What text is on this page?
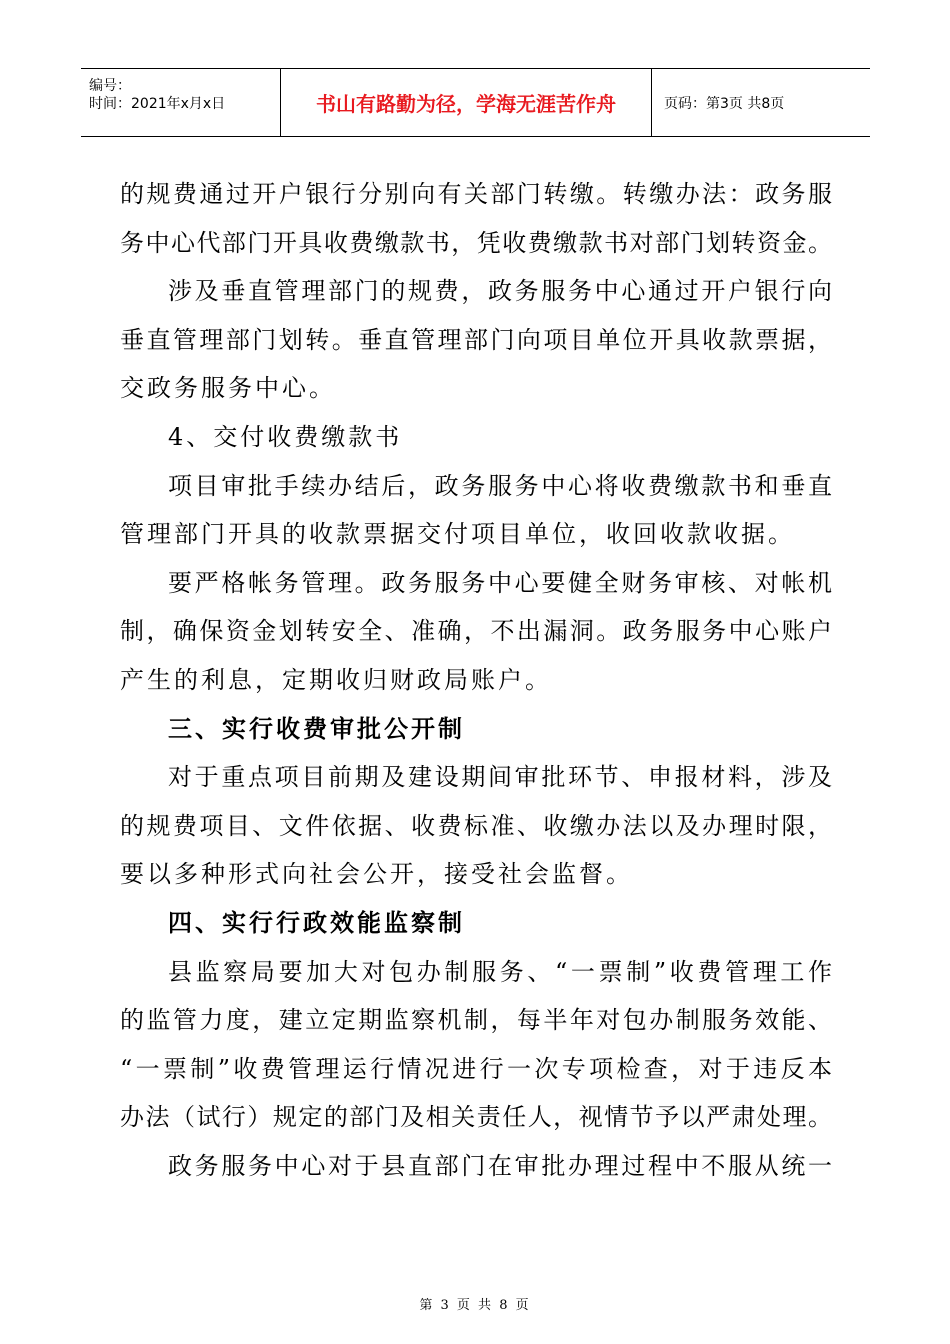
编号：
时间：2021年x月x日	书山有路勤为径，学海无涯苦作舟	页码：第3页 共8页
的规费通过开户银行分别向有关部门转缴。转缴办法：政务服
务中心代部门开具收费缴款书，凭收费缴款书对部门划转资金。
涉及垂直管理部门的规费，政务服务中心通过开户银行向
垂直管理部门划转。垂直管理部门向项目单位开具收款票据，
交政务服务中心。
4、交付收费缴款书
项目审批手续办结后，政务服务中心将收费缴款书和垂直
管理部门开具的收款票据交付项目单位，收回收款收据。
要严格帐务管理。政务服务中心要健全财务审核、对帐机
制，确保资金划转安全、准确，不出漏洞。政务服务中心账户
产生的利息，定期收归财政局账户。
三、实行收费审批公开制
对于重点项目前期及建设期间审批环节、申报材料，涉及
的规费项目、文件依据、收费标准、收缴办法以及办理时限，
要以多种形式向社会公开，接受社会监督。
四、实行行政效能监察制
县监察局要加大对包办制服务、“一票制”收费管理工作
的监管力度，建立定期监察机制，每半年对包办制服务效能、
“一票制”收费管理运行情况进行一次专项检查，对于违反本
办法（试行）规定的部门及相关责任人，视情节予以严肃处理。
政务服务中心对于县直部门在审批办理过程中不服从统一
第 3 页 共 8 页
